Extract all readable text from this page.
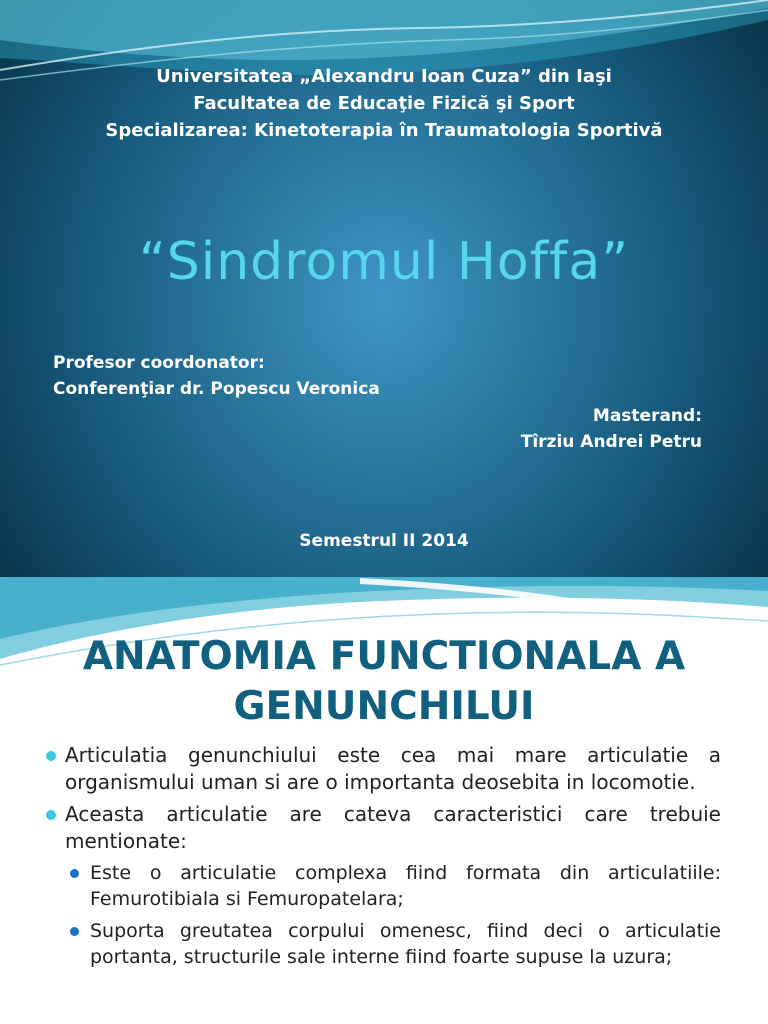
Universitatea „Alexandru Ioan Cuza” din Iaşi
Facultatea de Educaţie Fizică şi Sport
Specializarea: Kinetoterapia în Traumatologia Sportivă
“Sindromul Hoffa”
Profesor coordonator:
Conferenţiar dr. Popescu Veronica
Masterand:
Tîrziu Andrei Petru
Semestrul II 2014
ANATOMIA FUNCTIONALA A
GENUNCHILUI
Articulatia genunchiului este cea mai mare articulatie a organismului uman si are o importanta deosebita in locomotie.
Aceasta articulatie are cateva caracteristici care trebuie mentionate:
Este o articulatie complexa fiind formata din articulatiile: Femurotibiala si Femuropatelara;
Suporta greutatea corpului omenesc, fiind deci o articulatie portanta, structurile sale interne fiind foarte supuse la uzura;
